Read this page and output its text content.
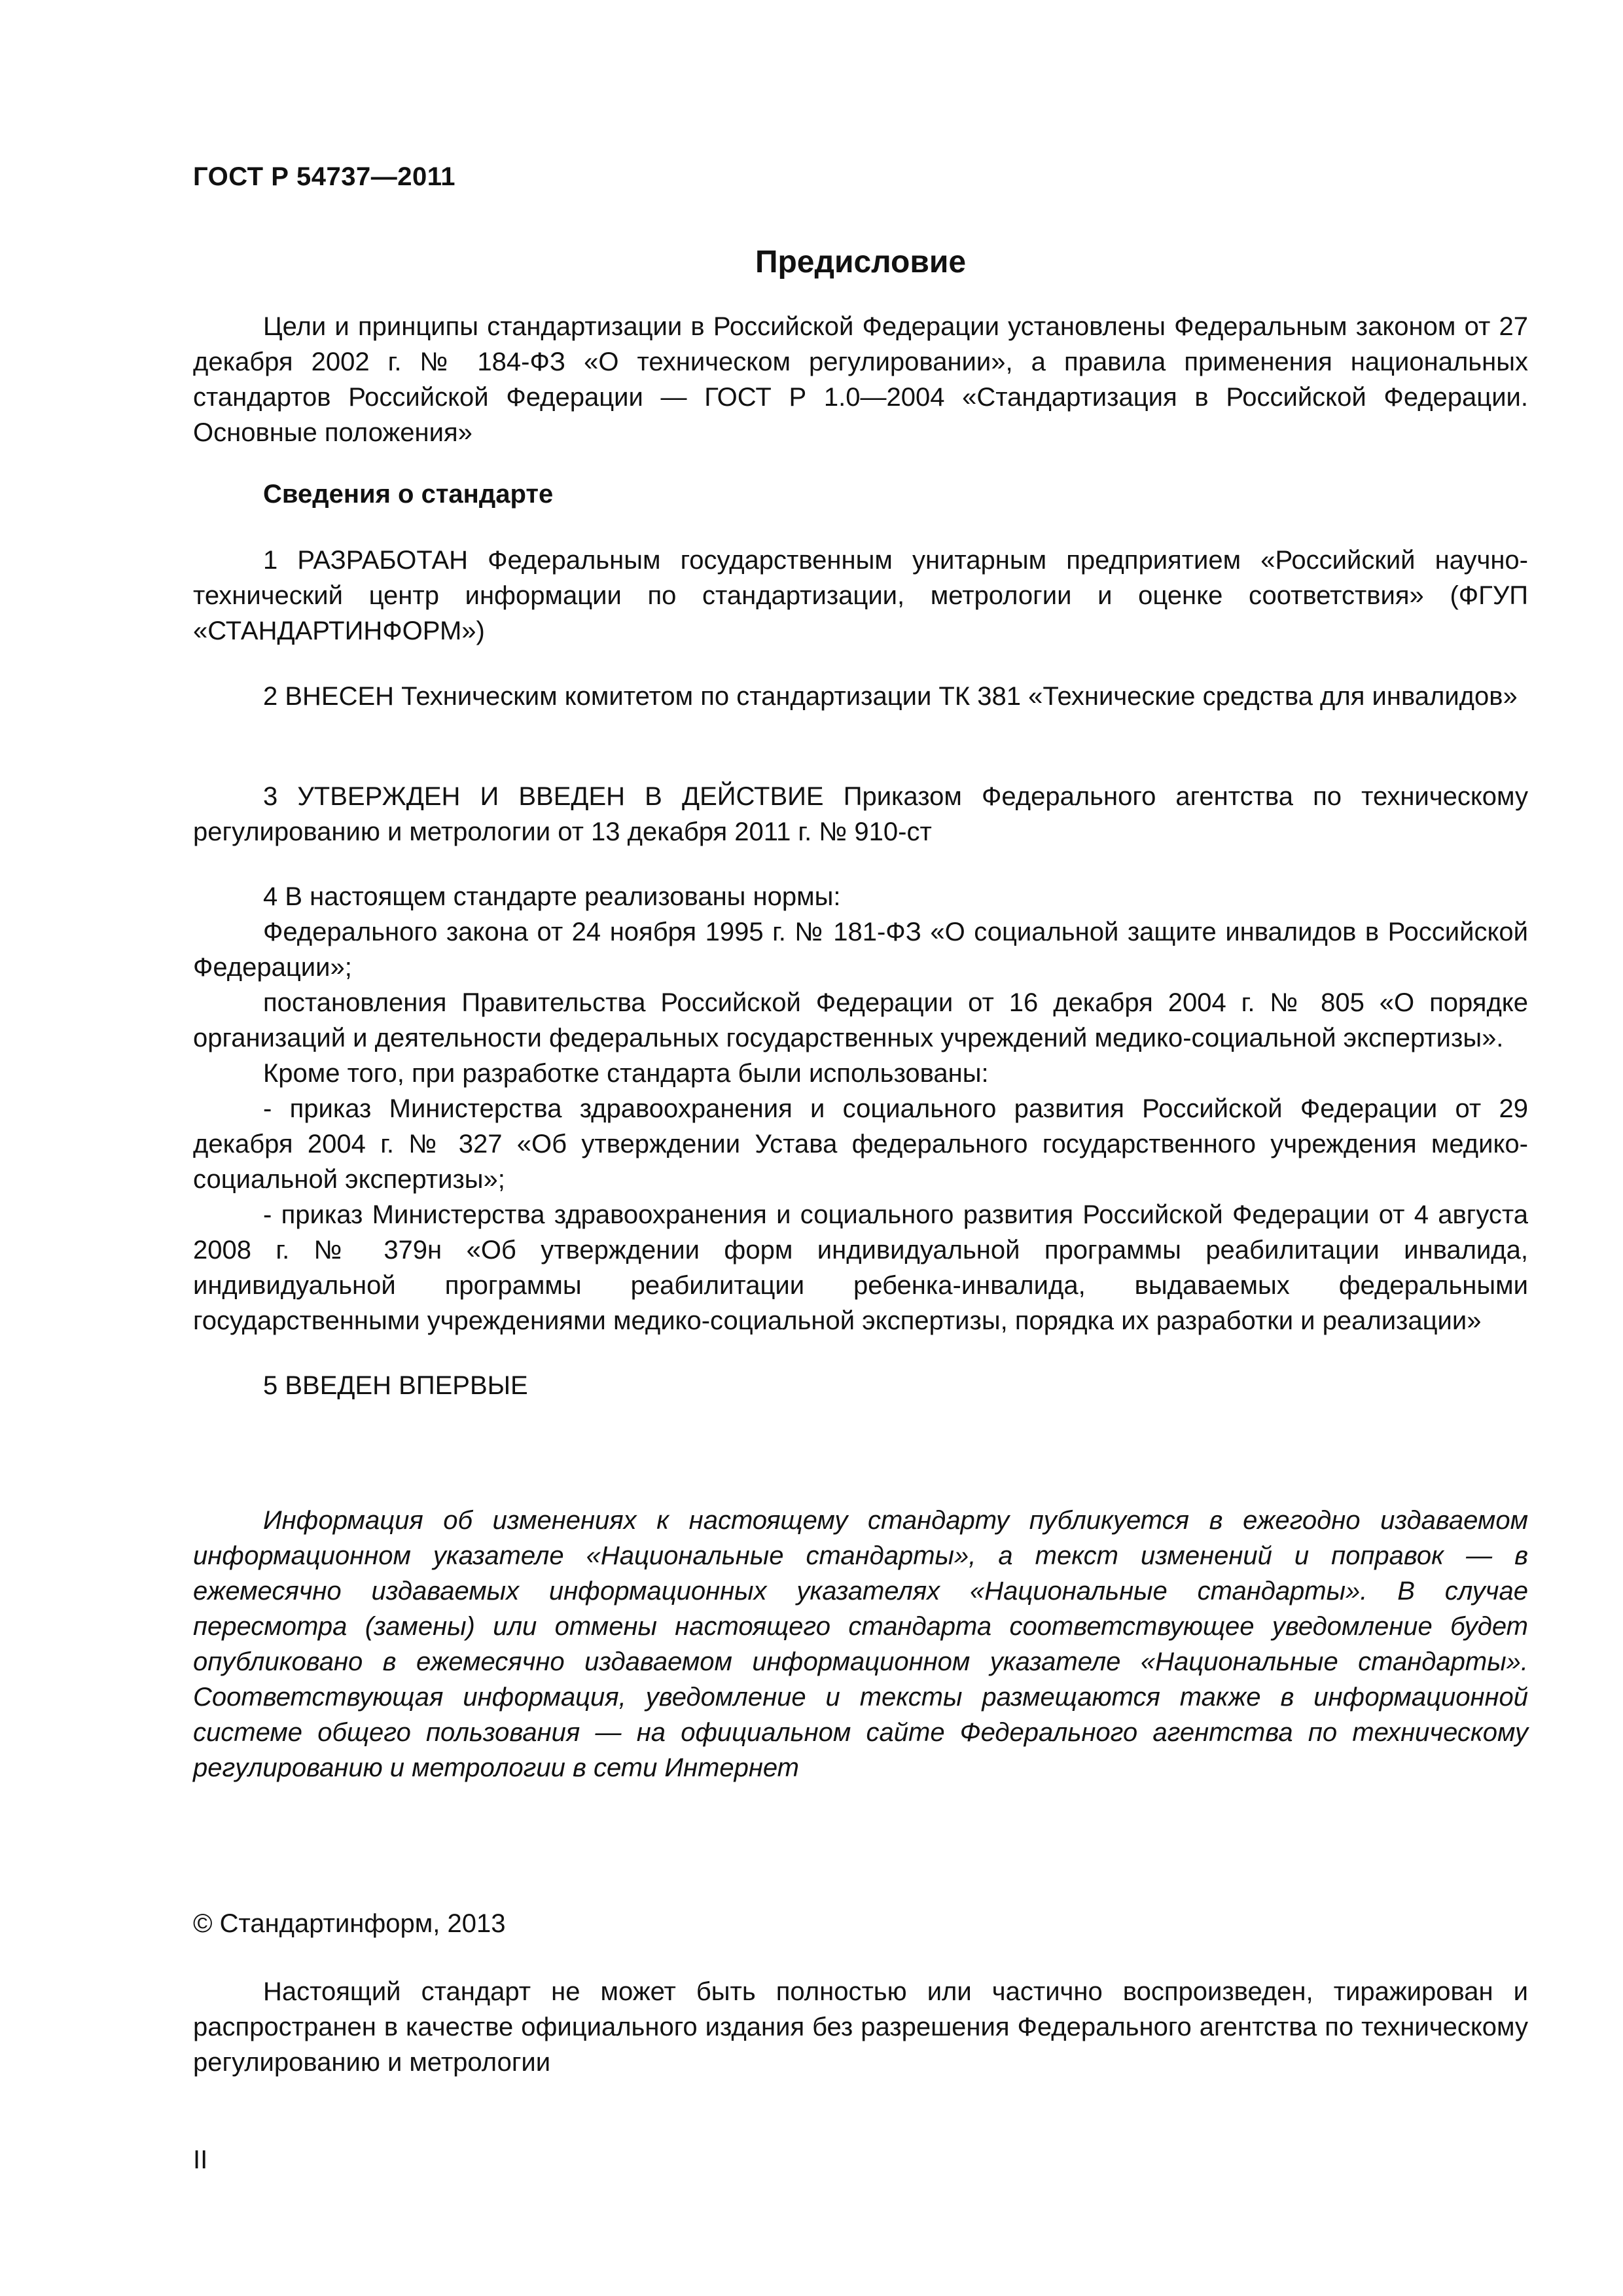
ГОСТ Р 54737—2011
Предисловие

Цели и принципы стандартизации в Российской Федерации установлены Федеральным законом от 27 декабря 2002 г. № 184-ФЗ «О техническом регулировании», а правила применения национальных стандартов Российской Федерации — ГОСТ Р 1.0—2004 «Стандартизация в Российской Федерации. Основные положения»

Сведения о стандарте

1 РАЗРАБОТАН Федеральным государственным унитарным предприятием «Российский научно-технический центр информации по стандартизации, метрологии и оценке соответствия» (ФГУП «СТАНДАРТИНФОРМ»)

2 ВНЕСЕН Техническим комитетом по стандартизации ТК 381 «Технические средства для инвалидов»

3 УТВЕРЖДЕН И ВВЕДЕН В ДЕЙСТВИЕ Приказом Федерального агентства по техническому регулированию и метрологии от 13 декабря 2011 г. № 910-ст

4 В настоящем стандарте реализованы нормы:

Федерального закона от 24 ноября 1995 г. № 181-ФЗ «О социальной защите инвалидов в Российской Федерации»;

постановления Правительства Российской Федерации от 16 декабря 2004 г. № 805 «О порядке организаций и деятельности федеральных государственных учреждений медико-социальной экспертизы».

Кроме того, при разработке стандарта были использованы:

- приказ Министерства здравоохранения и социального развития Российской Федерации от 29 декабря 2004 г. № 327 «Об утверждении Устава федерального государственного учреждения медико-социальной экспертизы»;

- приказ Министерства здравоохранения и социального развития Российской Федерации от 4 августа 2008 г. № 379н «Об утверждении форм индивидуальной программы реабилитации инвалида, индивидуальной программы реабилитации ребенка-инвалида, выдаваемых федеральными государственными учреждениями медико-социальной экспертизы, порядка их разработки и реализации»

5 ВВЕДЕН ВПЕРВЫЕ

Информация об изменениях к настоящему стандарту публикуется в ежегодно издаваемом информационном указателе «Национальные стандарты», а текст изменений и поправок — в ежемесячно издаваемых информационных указателях «Национальные стандарты». В случае пересмотра (замены) или отмены настоящего стандарта соответствующее уведомление будет опубликовано в ежемесячно издаваемом информационном указателе «Национальные стандарты». Соответствующая информация, уведомление и тексты размещаются также в информационной системе общего пользования — на официальном сайте Федерального агентства по техническому регулированию и метрологии в сети Интернет

© Стандартинформ, 2013

Настоящий стандарт не может быть полностью или частично воспроизведен, тиражирован и распространен в качестве официального издания без разрешения Федерального агентства по техническому регулированию и метрологии

II
